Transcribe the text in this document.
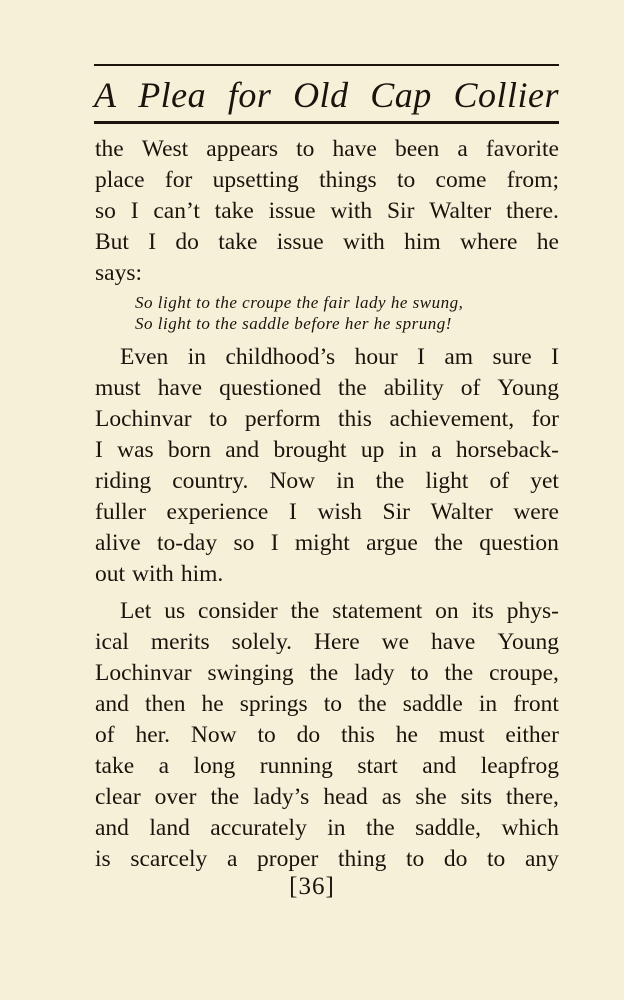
A Plea for Old Cap Collier
the West appears to have been a favorite
place for upsetting things to come from;
so I can’t take issue with Sir Walter there.
But I do take issue with him where he
says:
So light to the croupe the fair lady he swung,
So light to the saddle before her he sprung!
Even in childhood’s hour I am sure I
must have questioned the ability of Young
Lochinvar to perform this achievement, for
I was born and brought up in a horseback-
riding country. Now in the light of yet
fuller experience I wish Sir Walter were
alive to-day so I might argue the question
out with him.
Let us consider the statement on its phys-
ical merits solely. Here we have Young
Lochinvar swinging the lady to the croupe,
and then he springs to the saddle in front
of her. Now to do this he must either
take a long running start and leapfrog
clear over the lady’s head as she sits there,
and land accurately in the saddle, which
is scarcely a proper thing to do to any
[36]
